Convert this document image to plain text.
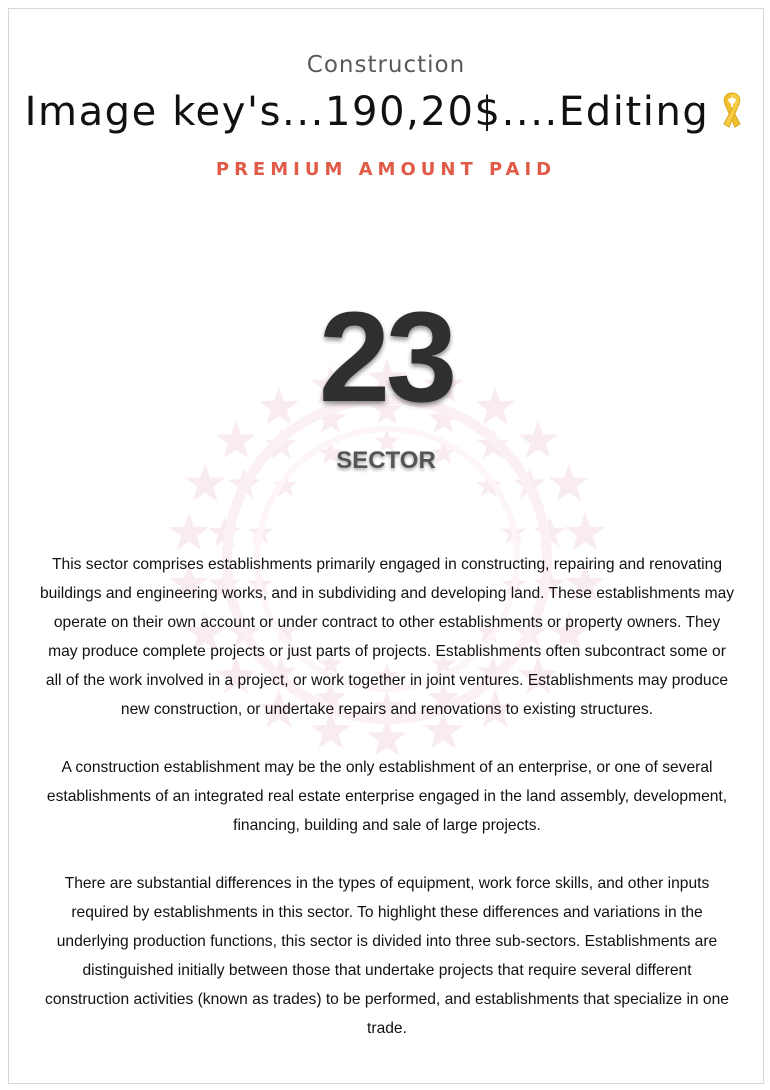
Construction
Image key's...190,20$....Editing
PREMIUM AMOUNT PAID
23
SECTOR

This sector comprises establishments primarily engaged in constructing, repairing and renovating buildings and engineering works, and in subdividing and developing land. These establishments may operate on their own account or under contract to other establishments or property owners. They may produce complete projects or just parts of projects. Establishments often subcontract some or all of the work involved in a project, or work together in joint ventures. Establishments may produce new construction, or undertake repairs and renovations to existing structures.

A construction establishment may be the only establishment of an enterprise, or one of several establishments of an integrated real estate enterprise engaged in the land assembly, development, financing, building and sale of large projects.

There are substantial differences in the types of equipment, work force skills, and other inputs required by establishments in this sector. To highlight these differences and variations in the underlying production functions, this sector is divided into three sub-sectors. Establishments are distinguished initially between those that undertake projects that require several different construction activities (known as trades) to be performed, and establishments that specialize in one trade.
